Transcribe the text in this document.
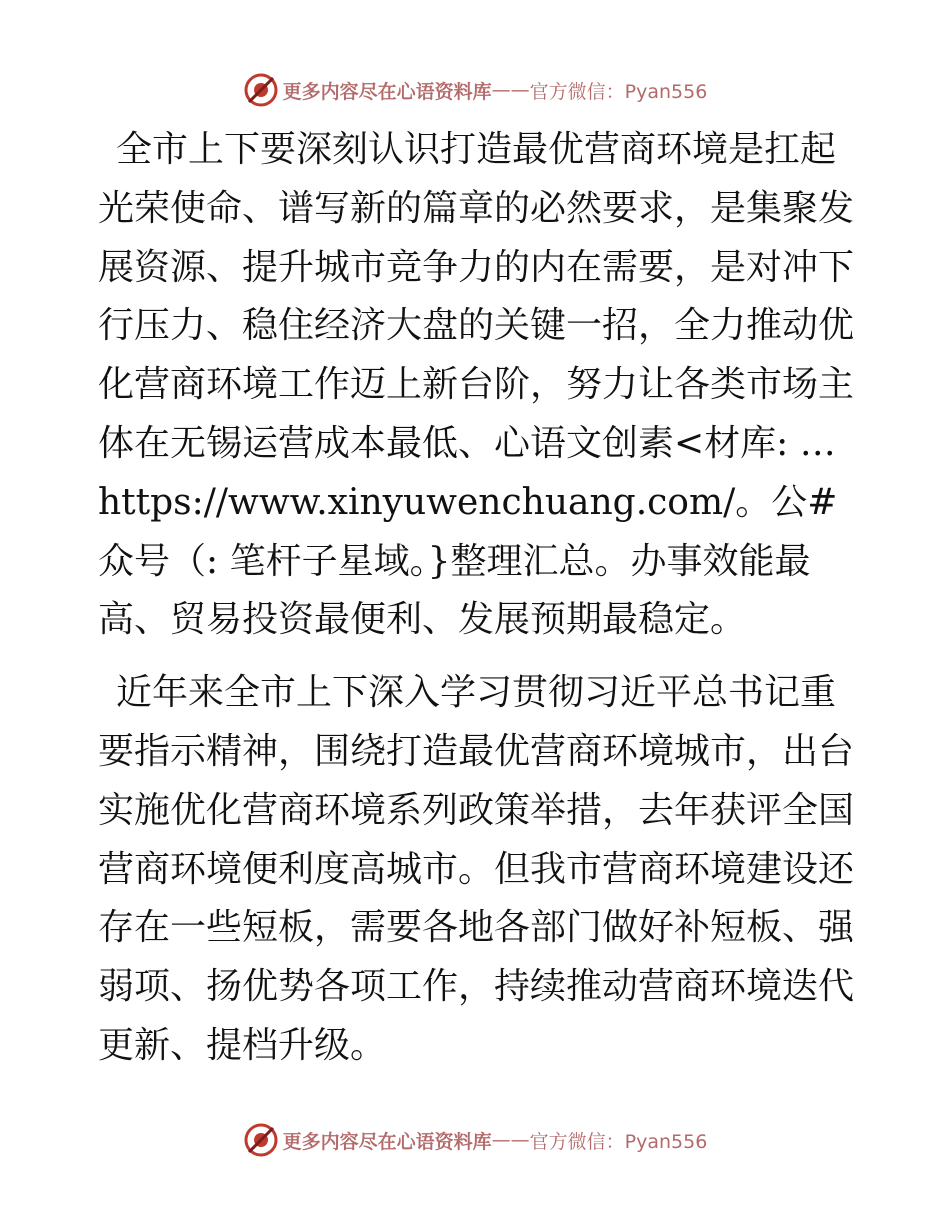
更多内容尽在心语资料库 —— 官方微信：Pyan556

全市上下要深刻认识打造最优营商环境是扛起光荣使命、谱写新的篇章的必然要求，是集聚发展资源、提升城市竞争力的内在需要，是对冲下行压力、稳住经济大盘的关键一招，全力推动优化营商环境工作迈上新台阶，努力让各类市场主体在无锡运营成本最低、心语文创素<材库: …https://www.xinyuwenchuang.com/。公#众号（: 笔杆子星域。}整理汇总。办事效能最高、贸易投资最便利、发展预期最稳定。

近年来全市上下深入学习贯彻习近平总书记重要指示精神，围绕打造最优营商环境城市，出台实施优化营商环境系列政策举措，去年获评全国营商环境便利度高城市。但我市营商环境建设还存在一些短板，需要各地各部门做好补短板、强弱项、扬优势各项工作，持续推动营商环境迭代更新、提档升级。

更多内容尽在心语资料库 —— 官方微信：Pyan556
